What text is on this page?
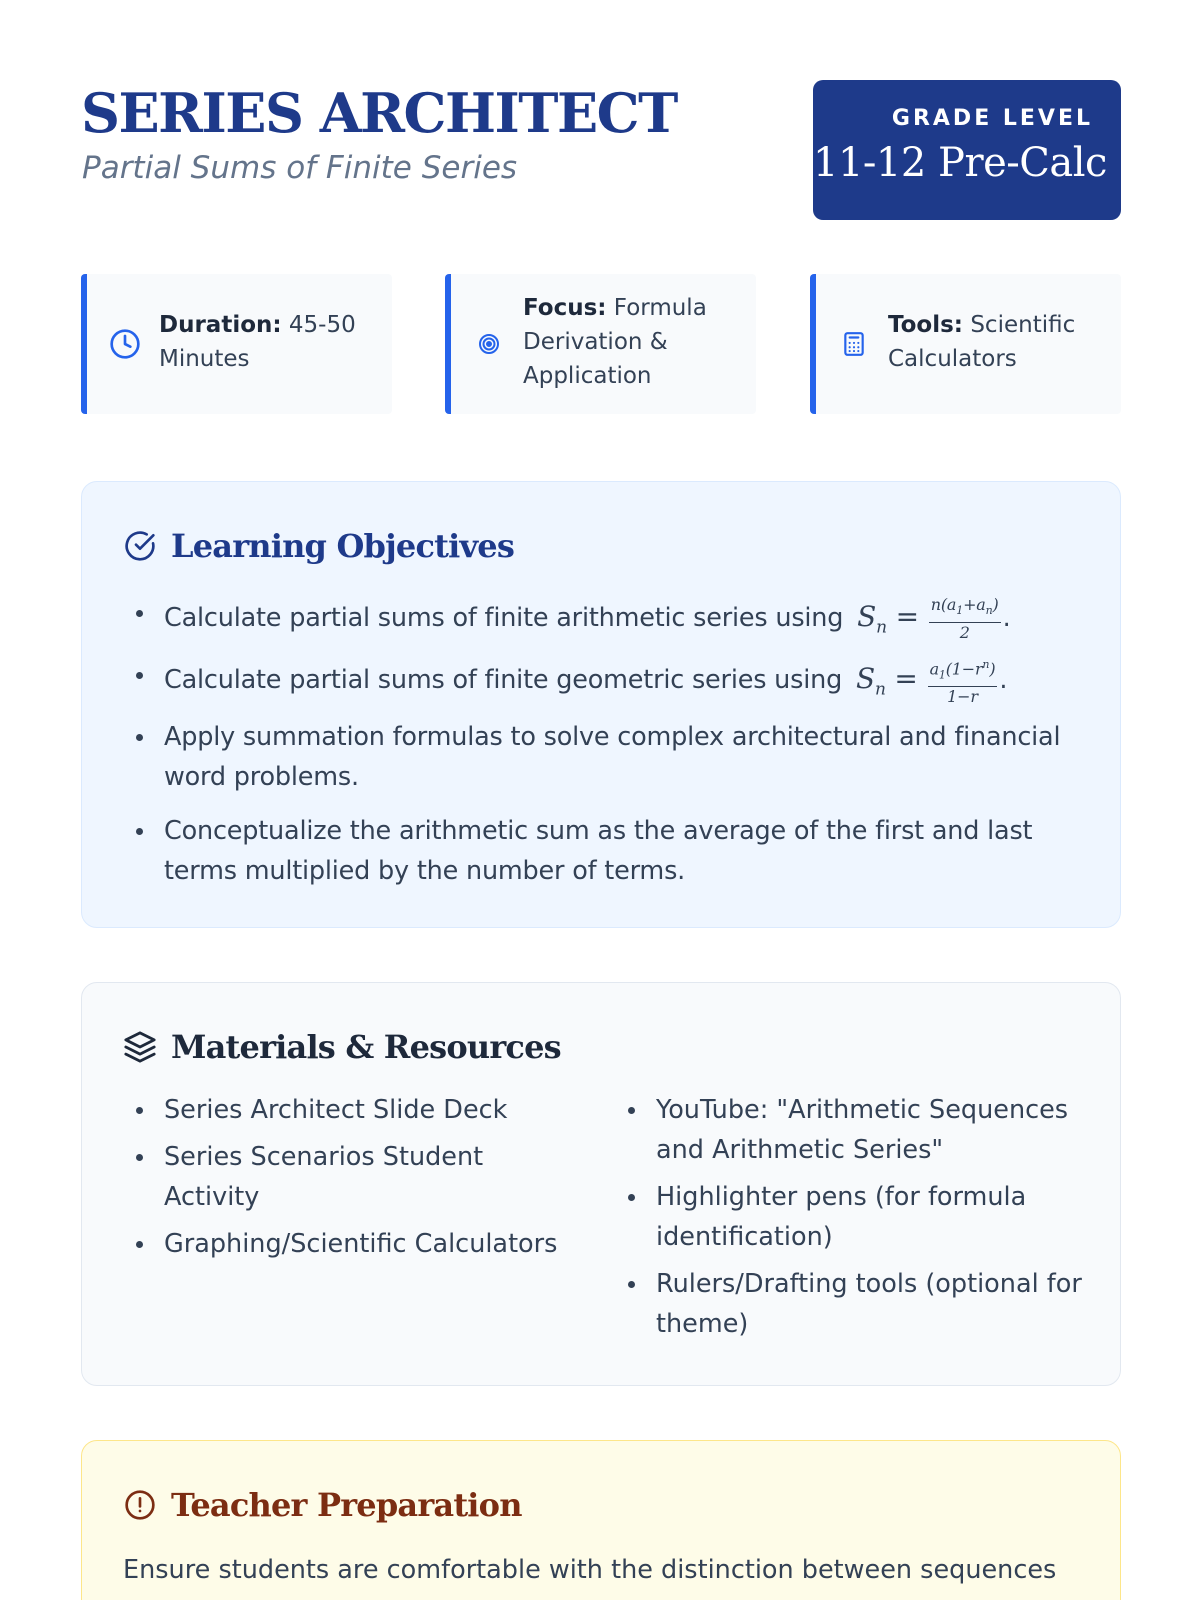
SERIES ARCHITECT
Partial Sums of Finite Series
GRADE LEVEL
11-12 Pre-Calc
Duration: 45-50 Minutes
Focus: Formula Derivation & Application
Tools: Scientific Calculators
Learning Objectives
Calculate partial sums of finite arithmetic series using $S_n = \frac{n(a_1+a_n)}{2}$ .
Calculate partial sums of finite geometric series using $S_n = \frac{a_1(1-r^n)}{1-r}$ .
Apply summation formulas to solve complex architectural and financial word problems.
Conceptualize the arithmetic sum as the average of the first and last terms multiplied by the number of terms.
Materials & Resources
Series Architect Slide Deck
Series Scenarios Student Activity
Graphing/Scientific Calculators
YouTube: "Arithmetic Sequences and Arithmetic Series"
Highlighter pens (for formula identification)
Rulers/Drafting tools (optional for theme)
Teacher Preparation
Ensure students are comfortable with the distinction between sequences
